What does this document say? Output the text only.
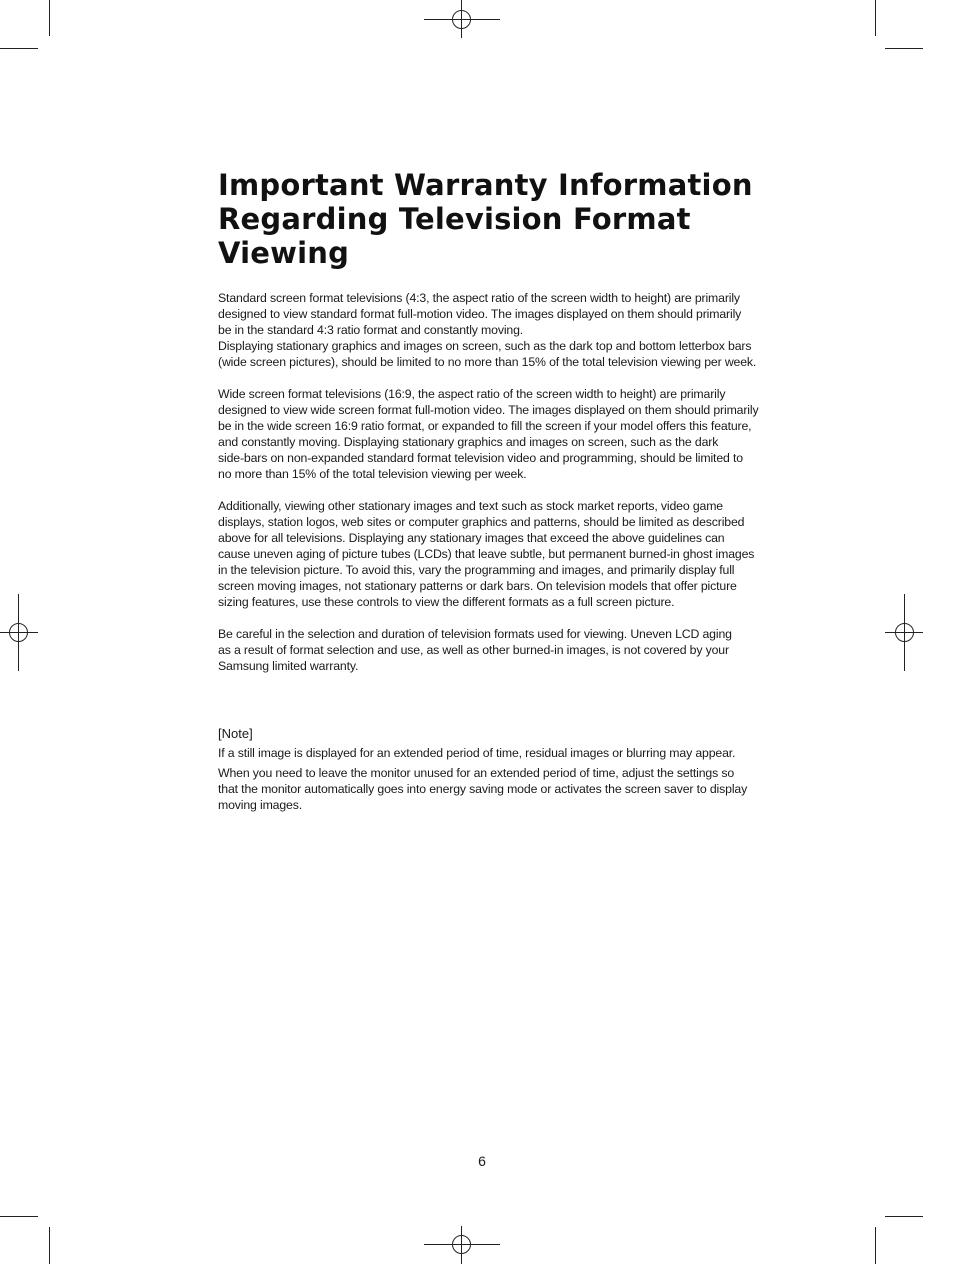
Important Warranty Information
Regarding Television Format
Viewing

Standard screen format televisions (4:3, the aspect ratio of the screen width to height) are primarily
designed to view standard format full-motion video. The images displayed on them should primarily
be in the standard 4:3 ratio format and constantly moving.
Displaying stationary graphics and images on screen, such as the dark top and bottom letterbox bars
(wide screen pictures), should be limited to no more than 15% of the total television viewing per week.

Wide screen format televisions (16:9, the aspect ratio of the screen width to height) are primarily
designed to view wide screen format full-motion video. The images displayed on them should primarily
be in the wide screen 16:9 ratio format, or expanded to fill the screen if your model offers this feature,
and constantly moving. Displaying stationary graphics and images on screen, such as the dark
side-bars on non-expanded standard format television video and programming, should be limited to
no more than 15% of the total television viewing per week.

Additionally, viewing other stationary images and text such as stock market reports, video game
displays, station logos, web sites or computer graphics and patterns, should be limited as described
above for all televisions. Displaying any stationary images that exceed the above guidelines can
cause uneven aging of picture tubes (LCDs) that leave subtle, but permanent burned-in ghost images
in the television picture. To avoid this, vary the programming and images, and primarily display full
screen moving images, not stationary patterns or dark bars. On television models that offer picture
sizing features, use these controls to view the different formats as a full screen picture.

Be careful in the selection and duration of television formats used for viewing. Uneven LCD aging
as a result of format selection and use, as well as other burned-in images, is not covered by your
Samsung limited warranty.

[Note]

If a still image is displayed for an extended period of time, residual images or blurring may appear.

When you need to leave the monitor unused for an extended period of time, adjust the settings so
that the monitor automatically goes into energy saving mode or activates the screen saver to display
moving images.

6
